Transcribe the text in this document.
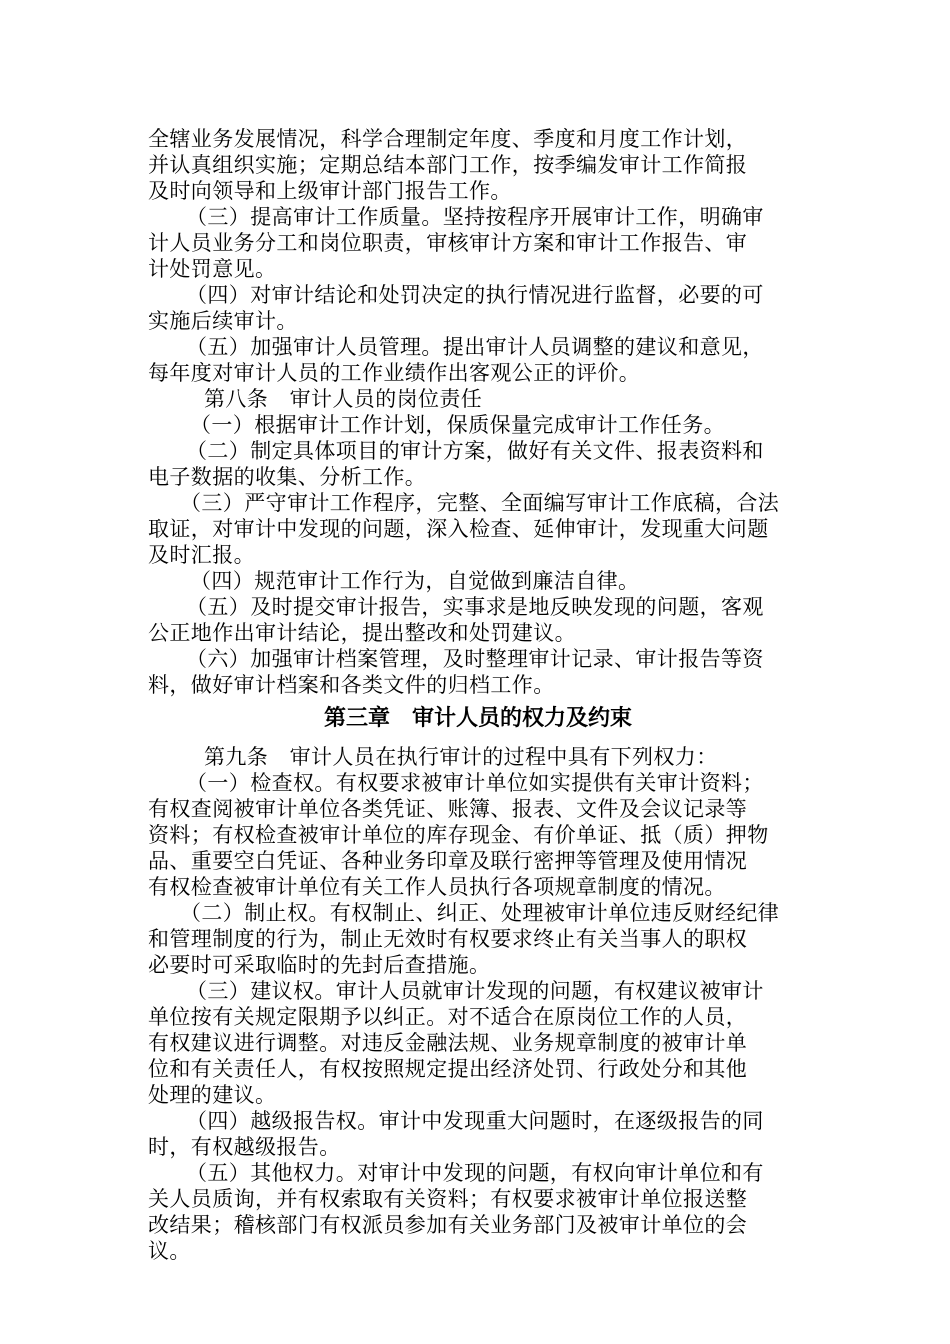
全辖业务发展情况，科学合理制定年度、季度和月度工作计划，
并认真组织实施；定期总结本部门工作，按季编发审计工作简报
及时向领导和上级审计部门报告工作。
（三）提高审计工作质量。坚持按程序开展审计工作，明确审
计人员业务分工和岗位职责，审核审计方案和审计工作报告、审
计处罚意见。
（四）对审计结论和处罚决定的执行情况进行监督，必要的可
实施后续审计。
（五）加强审计人员管理。提出审计人员调整的建议和意见，
每年度对审计人员的工作业绩作出客观公正的评价。
第八条　审计人员的岗位责任
（一）根据审计工作计划，保质保量完成审计工作任务。
（二）制定具体项目的审计方案，做好有关文件、报表资料和
电子数据的收集、分析工作。
（三）严守审计工作程序，完整、全面编写审计工作底稿，合法
取证，对审计中发现的问题，深入检查、延伸审计，发现重大问题
及时汇报。
（四）规范审计工作行为，自觉做到廉洁自律。
（五）及时提交审计报告，实事求是地反映发现的问题，客观
公正地作出审计结论，提出整改和处罚建议。
（六）加强审计档案管理，及时整理审计记录、审计报告等资
料，做好审计档案和各类文件的归档工作。
第三章　审计人员的权力及约束
第九条　审计人员在执行审计的过程中具有下列权力：
（一）检查权。有权要求被审计单位如实提供有关审计资料；
有权查阅被审计单位各类凭证、账簿、报表、文件及会议记录等
资料；有权检查被审计单位的库存现金、有价单证、抵（质）押物
品、重要空白凭证、各种业务印章及联行密押等管理及使用情况
有权检查被审计单位有关工作人员执行各项规章制度的情况。
（二）制止权。有权制止、纠正、处理被审计单位违反财经纪律
和管理制度的行为，制止无效时有权要求终止有关当事人的职权
必要时可采取临时的先封后查措施。
（三）建议权。审计人员就审计发现的问题，有权建议被审计
单位按有关规定限期予以纠正。对不适合在原岗位工作的人员，
有权建议进行调整。对违反金融法规、业务规章制度的被审计单
位和有关责任人，有权按照规定提出经济处罚、行政处分和其他
处理的建议。
（四）越级报告权。审计中发现重大问题时，在逐级报告的同
时，有权越级报告。
（五）其他权力。对审计中发现的问题，有权向审计单位和有
关人员质询，并有权索取有关资料；有权要求被审计单位报送整
改结果；稽核部门有权派员参加有关业务部门及被审计单位的会
议。
